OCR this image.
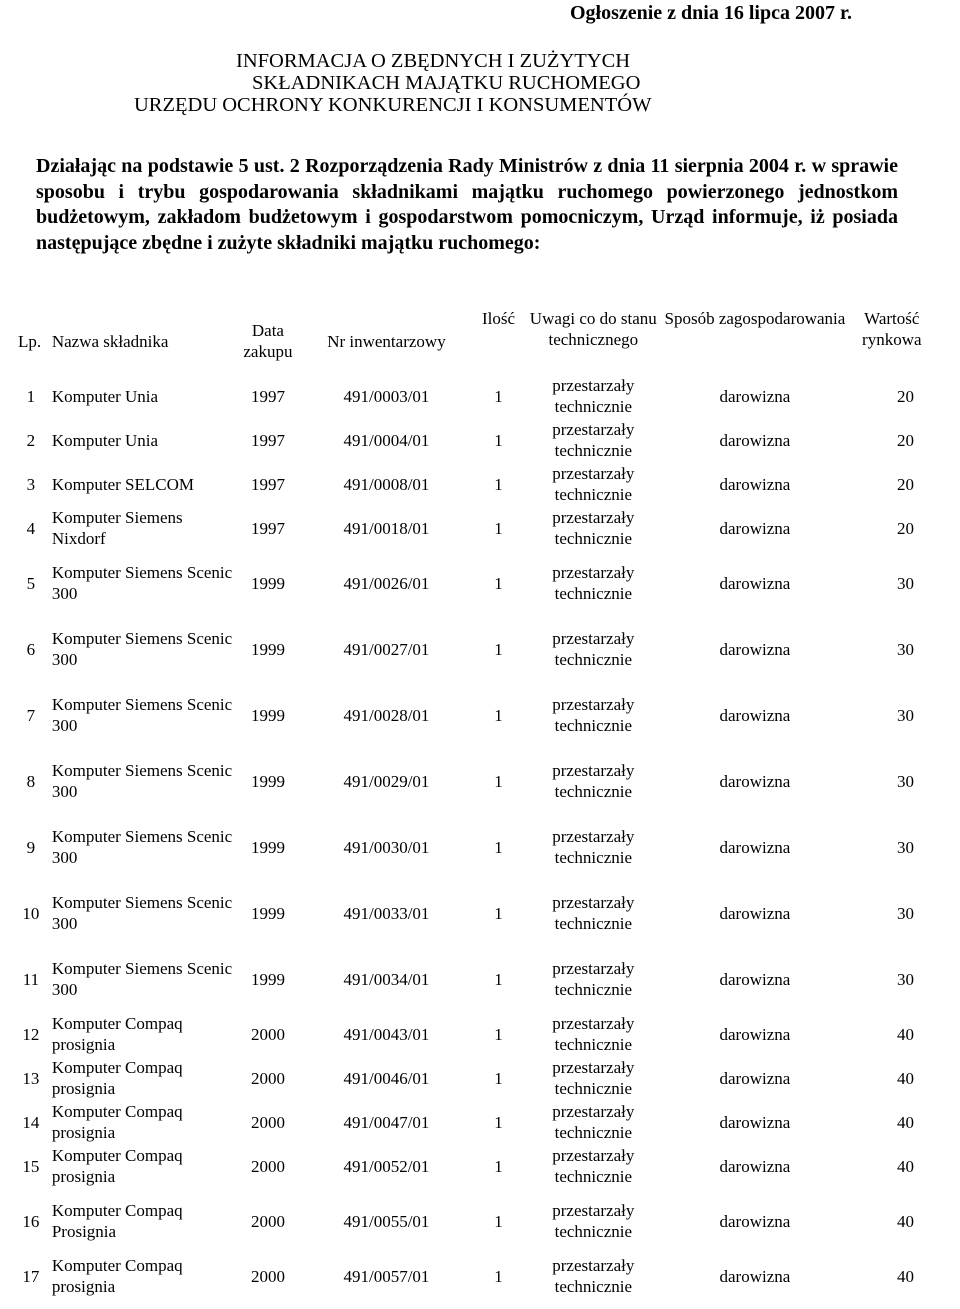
Ogłoszenie z dnia 16 lipca 2007 r.
INFORMACJA O ZBĘDNYCH I ZUŻYTYCH
SKŁADNIKACH MAJĄTKU RUCHOMEGO
URZĘDU OCHRONY KONKURENCJI I KONSUMENTÓW

Działając na podstawie 5 ust. 2 Rozporządzenia Rady Ministrów z dnia 11 sierpnia 2004 r. w sprawie sposobu i trybu gospodarowania składnikami majątku ruchomego powierzonego jednostkom budżetowym, zakładom budżetowym i gospodarstwom pomocniczym, Urząd informuje, iż posiada następujące zbędne i zużyte składniki majątku ruchomego:

Lp.	Nazwa składnika	Data zakupu	Nr inwentarzowy	Ilość	Uwagi co do stanu technicznego	Sposób zagospodarowania	Wartość rynkowa
1	Komputer Unia	1997	491/0003/01	1	przestarzały technicznie	darowizna	20
2	Komputer Unia	1997	491/0004/01	1	przestarzały technicznie	darowizna	20
3	Komputer SELCOM	1997	491/0008/01	1	przestarzały technicznie	darowizna	20
4	Komputer Siemens Nixdorf	1997	491/0018/01	1	przestarzały technicznie	darowizna	20
5	Komputer Siemens Scenic 300	1999	491/0026/01	1	przestarzały technicznie	darowizna	30
6	Komputer Siemens Scenic 300	1999	491/0027/01	1	przestarzały technicznie	darowizna	30
7	Komputer Siemens Scenic 300	1999	491/0028/01	1	przestarzały technicznie	darowizna	30
8	Komputer Siemens Scenic 300	1999	491/0029/01	1	przestarzały technicznie	darowizna	30
9	Komputer Siemens Scenic 300	1999	491/0030/01	1	przestarzały technicznie	darowizna	30
10	Komputer Siemens Scenic 300	1999	491/0033/01	1	przestarzały technicznie	darowizna	30
11	Komputer Siemens Scenic 300	1999	491/0034/01	1	przestarzały technicznie	darowizna	30
12	Komputer Compaq prosignia	2000	491/0043/01	1	przestarzały technicznie	darowizna	40
13	Komputer Compaq prosignia	2000	491/0046/01	1	przestarzały technicznie	darowizna	40
14	Komputer Compaq prosignia	2000	491/0047/01	1	przestarzały technicznie	darowizna	40
15	Komputer Compaq prosignia	2000	491/0052/01	1	przestarzały technicznie	darowizna	40
16	Komputer Compaq Prosignia	2000	491/0055/01	1	przestarzały technicznie	darowizna	40
17	Komputer Compaq prosignia	2000	491/0057/01	1	przestarzały technicznie	darowizna	40
